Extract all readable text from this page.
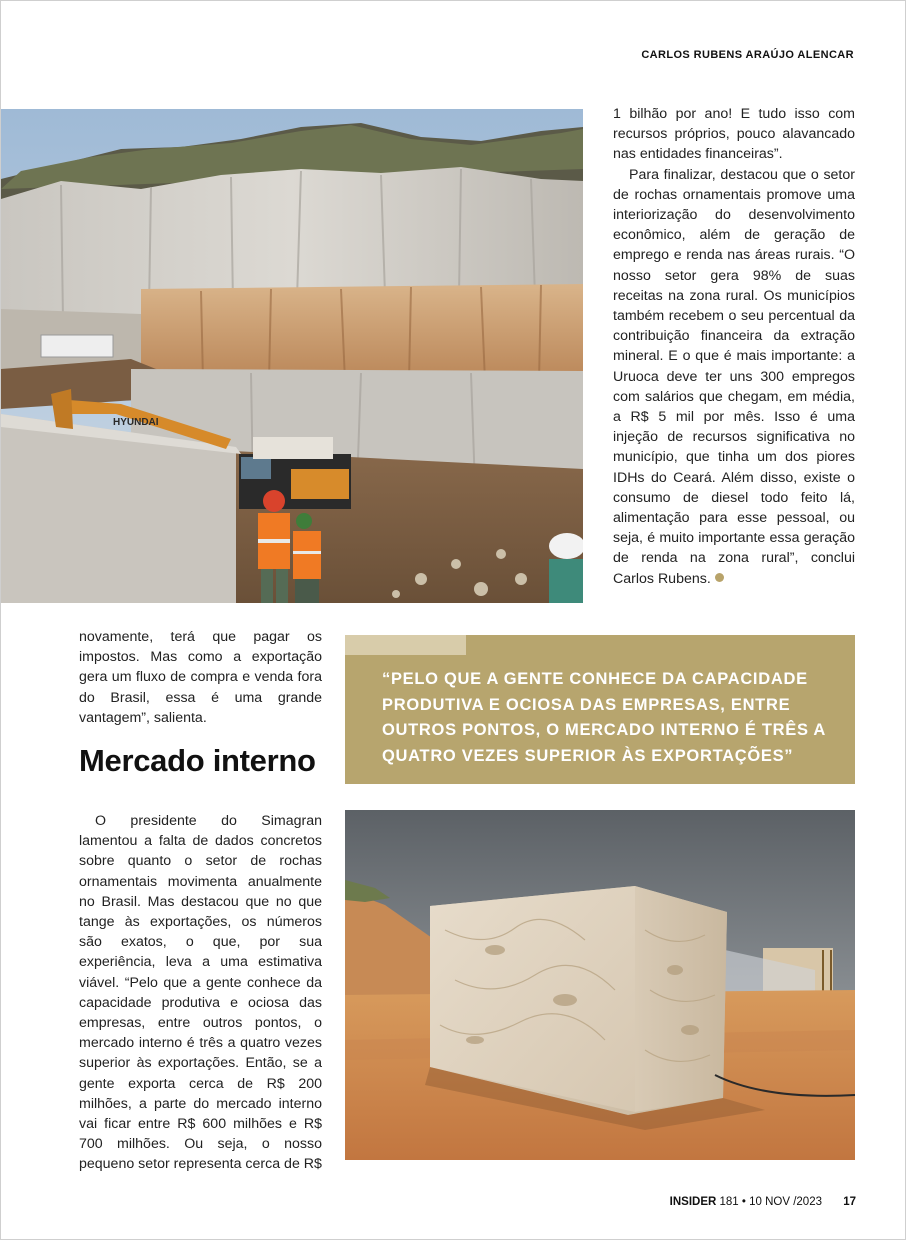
CARLOS RUBENS ARAÚJO ALENCAR
HYUNDAI

1 bilhão por ano! E tudo isso com recursos próprios, pouco alavancado nas entidades financeiras”.

Para finalizar, destacou que o setor de rochas ornamentais promove uma interiorização do desenvolvimento econômico, além de geração de emprego e renda nas áreas rurais. “O nosso setor gera 98% de suas receitas na zona rural. Os municípios também recebem o seu percentual da contribuição financeira da extração mineral. E o que é mais importante: a Uruoca deve ter uns 300 empregos com salários que chegam, em média, a R$ 5 mil por mês. Isso é uma injeção de recursos significativa no município, que tinha um dos piores IDHs do Ceará. Além disso, existe o consumo de diesel todo feito lá, alimentação para esse pessoal, ou seja, é muito importante essa geração de renda na zona rural”, conclui Carlos Rubens.

novamente, terá que pagar os impostos. Mas como a exportação gera um fluxo de compra e venda fora do Brasil, essa é uma grande vantagem”, salienta.
Mercado interno

O presidente do Simagran lamentou a falta de dados concretos sobre quanto o setor de rochas ornamentais movimenta anualmente no Brasil. Mas destacou que no que tange às exportações, os números são exatos, o que, por sua experiência, leva a uma estimativa viável. “Pelo que a gente conhece da capacidade produtiva e ociosa das empresas, entre outros pontos, o mercado interno é três a quatro vezes superior às exportações. Então, se a gente exporta cerca de R$ 200 milhões, a parte do mercado interno vai ficar entre R$ 600 milhões e R$ 700 milhões. Ou seja, o nosso pequeno setor representa cerca de R$

“PELO QUE A GENTE CONHECE DA CAPACIDADE PRODUTIVA E OCIOSA DAS EMPRESAS, ENTRE OUTROS PONTOS, O MERCADO INTERNO É TRÊS A QUATRO VEZES SUPERIOR ÀS EXPORTAÇÕES”
INSIDER 181 • 10 NOV /2023 17
